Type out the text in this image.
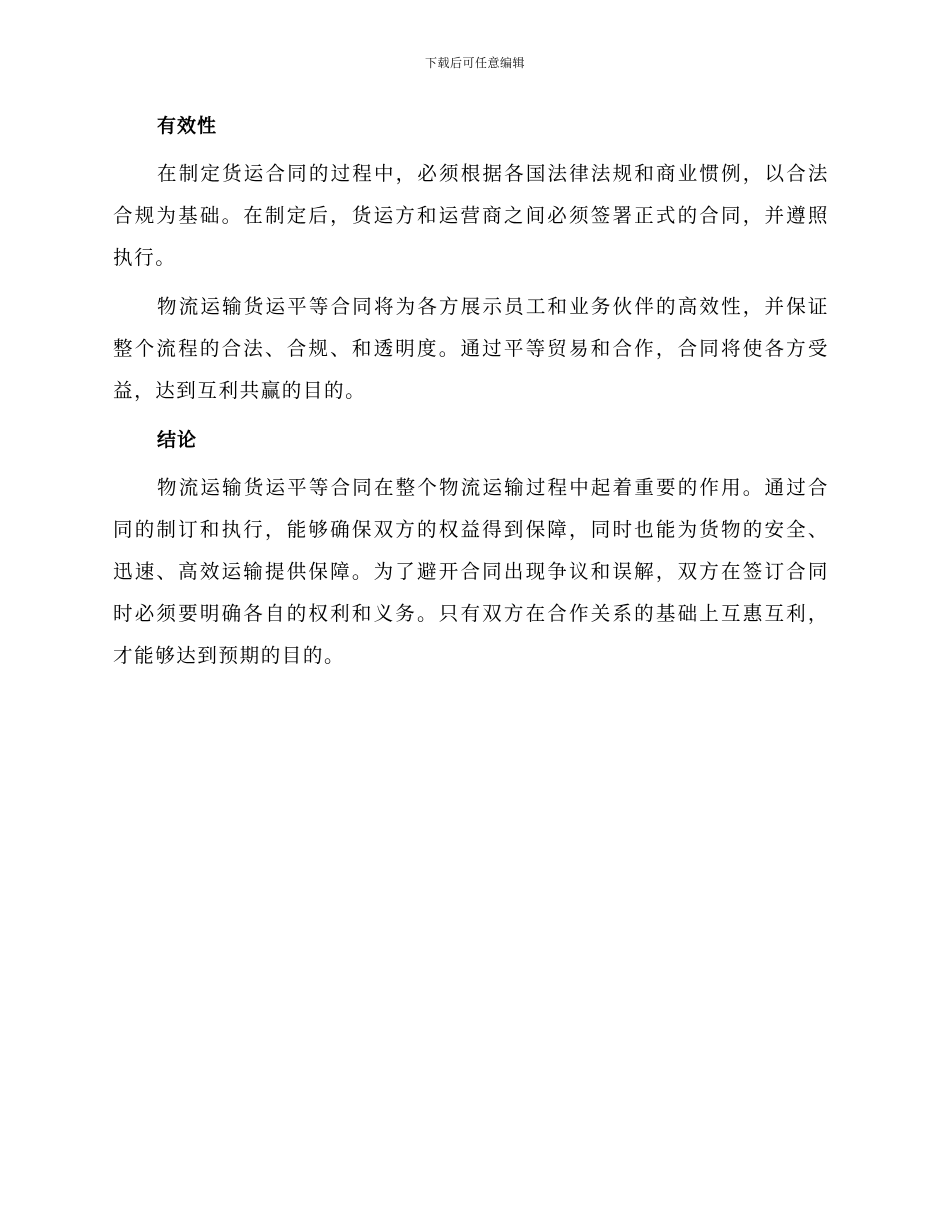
下载后可任意编辑
有效性

在制定货运合同的过程中，必须根据各国法律法规和商业惯例，以合法合规为基础。在制定后，货运方和运营商之间必须签署正式的合同，并遵照执行。

物流运输货运平等合同将为各方展示员工和业务伙伴的高效性，并保证整个流程的合法、合规、和透明度。通过平等贸易和合作，合同将使各方受益，达到互利共赢的目的。

结论

物流运输货运平等合同在整个物流运输过程中起着重要的作用。通过合同的制订和执行，能够确保双方的权益得到保障，同时也能为货物的安全、迅速、高效运输提供保障。为了避开合同出现争议和误解，双方在签订合同时必须要明确各自的权利和义务。只有双方在合作关系的基础上互惠互利，才能够达到预期的目的。
